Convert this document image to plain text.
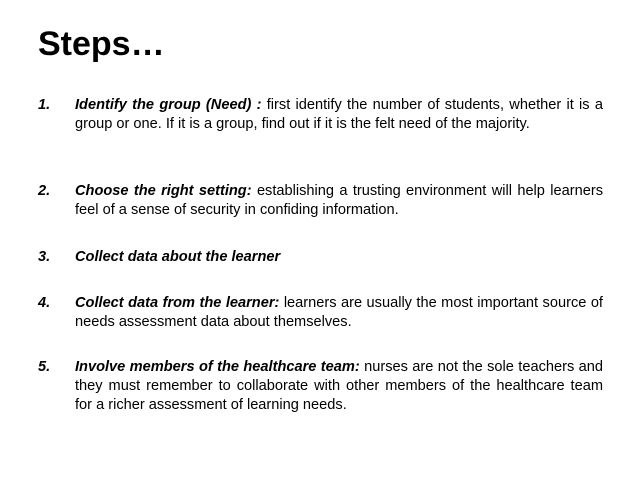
Steps…
1.	Identify the group (Need) : first identify the number of students, whether it is a group or one. If it is a group, find out if it is the felt need of the majority.
2.	Choose the right setting: establishing a trusting environment will help learners feel of a sense of security in confiding information.
3.	Collect data about the learner
4.	Collect data from the learner: learners are usually the most important source of needs assessment data about themselves.
5.	Involve members of the healthcare team: nurses are not the sole teachers and they must remember to collaborate with other members of the healthcare team for a richer assessment of learning needs.
